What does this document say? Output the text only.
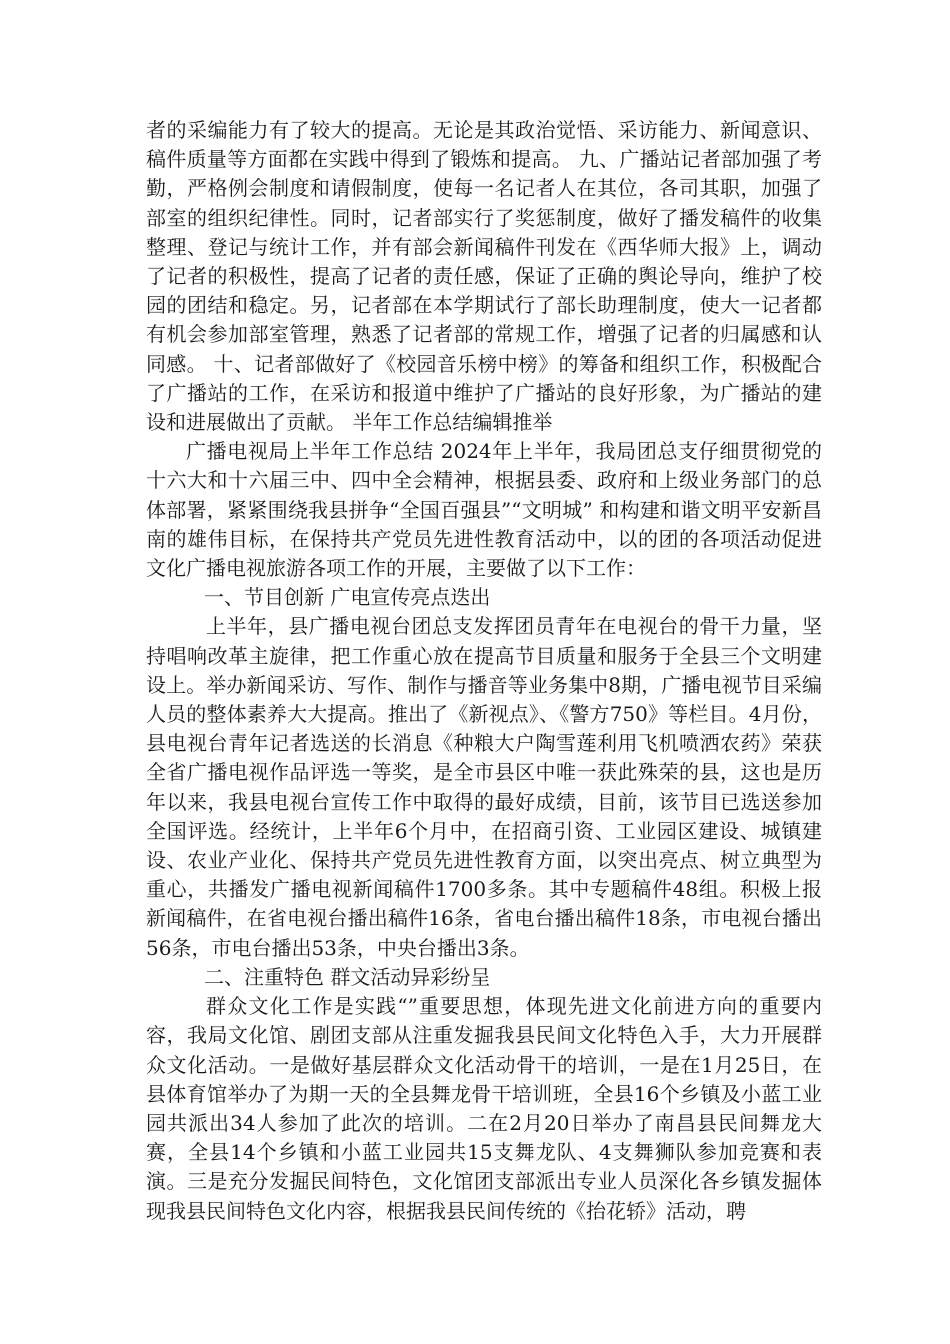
者的采编能力有了较大的提高。无论是其政治觉悟、采访能力、新闻意识、稿件质量等方面都在实践中得到了锻炼和提高。 九、广播站记者部加强了考勤，严格例会制度和请假制度，使每一名记者人在其位，各司其职，加强了部室的组织纪律性。同时，记者部实行了奖惩制度，做好了播发稿件的收集整理、登记与统计工作，并有部会新闻稿件刊发在《西华师大报》上，调动了记者的积极性，提高了记者的责任感，保证了正确的舆论导向，维护了校园的团结和稳定。另，记者部在本学期试行了部长助理制度，使大一记者都有机会参加部室管理，熟悉了记者部的常规工作，增强了记者的归属感和认同感。 十、记者部做好了《校园音乐榜中榜》的筹备和组织工作，积极配合了广播站的工作，在采访和报道中维护了广播站的良好形象，为广播站的建设和进展做出了贡献。 半年工作总结编辑推举

广播电视局上半年工作总结 2024年上半年，我局团总支仔细贯彻党的十六大和十六届三中、四中全会精神，根据县委、政府和上级业务部门的总体部署，紧紧围绕我县拼争“全国百强县”“文明城” 和构建和谐文明平安新昌南的雄伟目标，在保持共产党员先进性教育活动中，以的团的各项活动促进文化广播电视旅游各项工作的开展，主要做了以下工作：

一、节目创新 广电宣传亮点迭出

上半年，县广播电视台团总支发挥团员青年在电视台的骨干力量，坚持唱响改革主旋律，把工作重心放在提高节目质量和服务于全县三个文明建设上。举办新闻采访、写作、制作与播音等业务集中8期，广播电视节目采编人员的整体素养大大提高。推出了《新视点》、《警方750》等栏目。4月份，县电视台青年记者选送的长消息《种粮大户陶雪莲利用飞机喷洒农药》荣获全省广播电视作品评选一等奖，是全市县区中唯一获此殊荣的县，这也是历年以来，我县电视台宣传工作中取得的最好成绩，目前，该节目已选送参加全国评选。经统计，上半年6个月中，在招商引资、工业园区建设、城镇建设、农业产业化、保持共产党员先进性教育方面，以突出亮点、树立典型为重心，共播发广播电视新闻稿件1700多条。其中专题稿件48组。积极上报新闻稿件，在省电视台播出稿件16条，省电台播出稿件18条，市电视台播出56条，市电台播出53条，中央台播出3条。

二、注重特色 群文活动异彩纷呈

群众文化工作是实践“”重要思想，体现先进文化前进方向的重要内容，我局文化馆、剧团支部从注重发掘我县民间文化特色入手，大力开展群众文化活动。一是做好基层群众文化活动骨干的培训，一是在1月25日，在县体育馆举办了为期一天的全县舞龙骨干培训班，全县16个乡镇及小蓝工业园共派出34人参加了此次的培训。二在2月20日举办了南昌县民间舞龙大赛，全县14个乡镇和小蓝工业园共15支舞龙队、4支舞狮队参加竞赛和表演。三是充分发掘民间特色，文化馆团支部派出专业人员深化各乡镇发掘体现我县民间特色文化内容，根据我县民间传统的《抬花轿》活动，聘
